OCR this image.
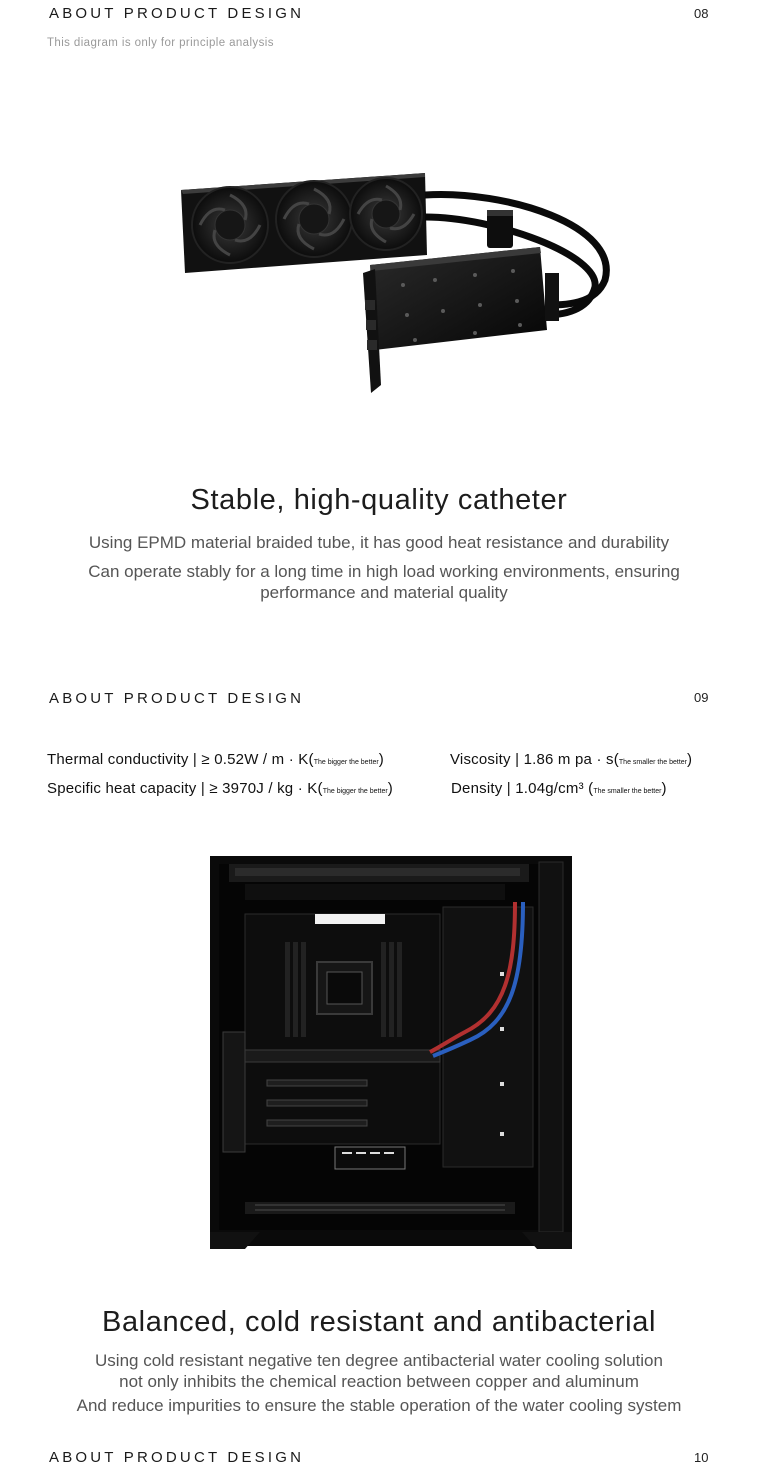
ABOUT PRODUCT DESIGN	08
This diagram is only for principle analysis
Stable, high-quality catheter
Using EPMD material braided tube, it has good heat resistance and durability
Can operate stably for a long time in high load working environments, ensuring performance and material quality
ABOUT PRODUCT DESIGN	09
Thermal conductivity | ≥ 0.52W / m · K(The bigger the better)	Viscosity | 1.86 m pa · s(The smaller the better)
Specific heat capacity | ≥ 3970J / kg · K(The bigger the better)	Density | 1.04g/cm³ (The smaller the better)
Balanced, cold resistant and antibacterial
Using cold resistant negative ten degree antibacterial water cooling solution
not only inhibits the chemical reaction between copper and aluminum
And reduce impurities to ensure the stable operation of the water cooling system
ABOUT PRODUCT DESIGN	10
